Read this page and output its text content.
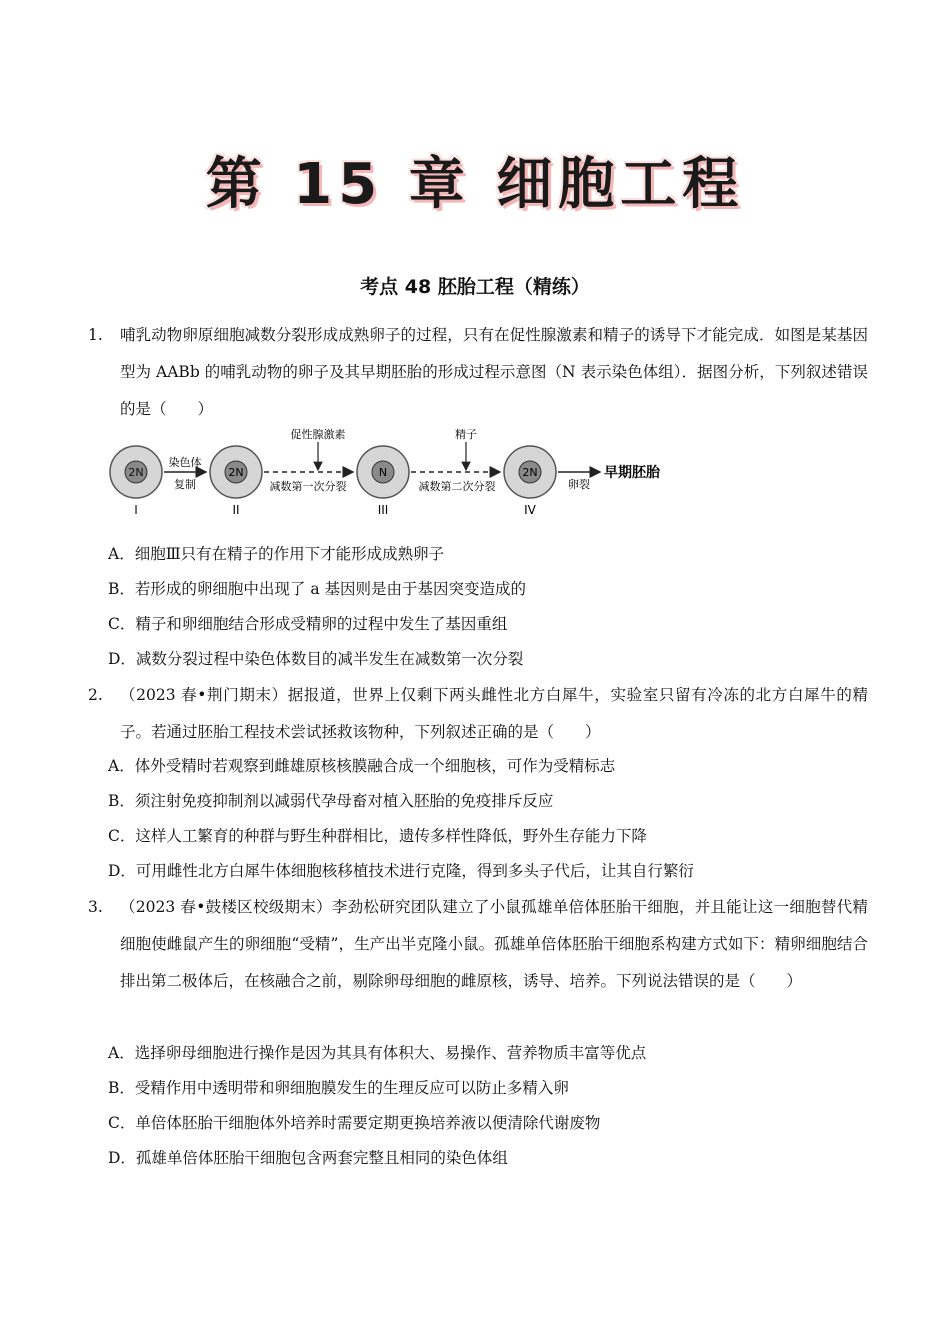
第 15 章 细胞工程
考点 48 胚胎工程（精练）
1. 哺乳动物卵原细胞减数分裂形成成熟卵子的过程，只有在促性腺激素和精子的诱导下才能完成．如图是某基因型为 AABb 的哺乳动物的卵子及其早期胚胎的形成过程示意图（N 表示染色体组）．据图分析，下列叙述错误的是（　　）
2N
I
染色体
复制
2N
II
促性腺激素
减数第一次分裂
N
III
精子
减数第二次分裂
2N
IV
卵裂
早期胚胎
A．细胞Ⅲ只有在精子的作用下才能形成成熟卵子
B．若形成的卵细胞中出现了 a 基因则是由于基因突变造成的
C．精子和卵细胞结合形成受精卵的过程中发生了基因重组
D．减数分裂过程中染色体数目的减半发生在减数第一次分裂
2. （2023 春•荆门期末）据报道，世界上仅剩下两头雌性北方白犀牛，实验室只留有冷冻的北方白犀牛的精子。若通过胚胎工程技术尝试拯救该物种，下列叙述正确的是（　　）
A．体外受精时若观察到雌雄原核核膜融合成一个细胞核，可作为受精标志
B．须注射免疫抑制剂以减弱代孕母畜对植入胚胎的免疫排斥反应
C．这样人工繁育的种群与野生种群相比，遗传多样性降低，野外生存能力下降
D．可用雌性北方白犀牛体细胞核移植技术进行克隆，得到多头子代后，让其自行繁衍
3. （2023 春•鼓楼区校级期末）李劲松研究团队建立了小鼠孤雄单倍体胚胎干细胞，并且能让这一细胞替代精细胞使雌鼠产生的卵细胞“受精”，生产出半克隆小鼠。孤雄单倍体胚胎干细胞系构建方式如下：精卵细胞结合排出第二极体后，在核融合之前，剔除卵母细胞的雌原核，诱导、培养。下列说法错误的是（　　）
A．选择卵母细胞进行操作是因为其具有体积大、易操作、营养物质丰富等优点
B．受精作用中透明带和卵细胞膜发生的生理反应可以防止多精入卵
C．单倍体胚胎干细胞体外培养时需要定期更换培养液以便清除代谢废物
D．孤雄单倍体胚胎干细胞包含两套完整且相同的染色体组
